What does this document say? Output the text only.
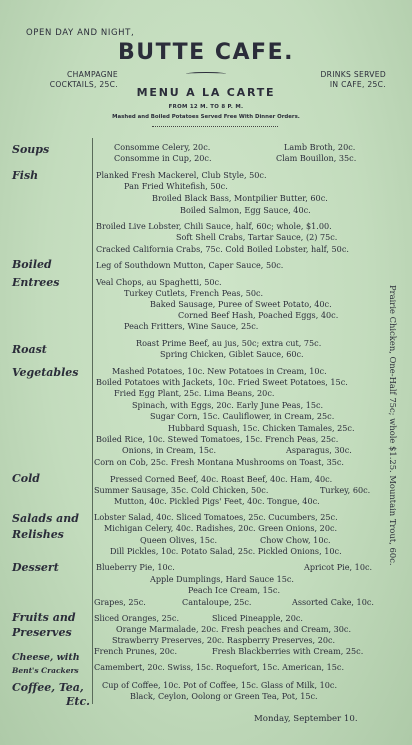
OPEN DAY AND NIGHT,
BUTTE CAFE.
CHAMPAGNE
COCKTAILS, 25C.
DRINKS SERVED
IN CAFE, 25C.
MENU A LA CARTE
FROM 12 M. TO 8 P. M.
Mashed and Boiled Potatoes Served Free With Dinner Orders.
Soups
Fish
Boiled
Entrees
Roast
Vegetables
Cold
Salads and
Relishes
Dessert
Fruits and
Preserves
Cheese, with
Bent's Crackers
Coffee, Tea,
Etc.
Consomme Celery, 20c.	Lamb Broth, 20c.
Consomme in Cup, 20c.	Clam Bouillon, 35c.
Planked Fresh Mackerel, Club Style, 50c.
Pan Fried Whitefish, 50c.
Broiled Black Bass, Montpilier Butter, 60c.
Boiled Salmon, Egg Sauce, 40c.
Broiled Live Lobster, Chili Sauce, half, 60c; whole, $1.00.
Soft Shell Crabs, Tartar Sauce, (2) 75c.
Cracked California Crabs, 75c. Cold Boiled Lobster, half, 50c.
Leg of Southdown Mutton, Caper Sauce, 50c.
Veal Chops, au Spaghetti, 50c.
Turkey Cutlets, French Peas, 50c.
Baked Sausage, Puree of Sweet Potato, 40c.
Corned Beef Hash, Poached Eggs, 40c.
Peach Fritters, Wine Sauce, 25c.
Roast Prime Beef, au jus, 50c; extra cut, 75c.
Spring Chicken, Giblet Sauce, 60c.
Mashed Potatoes, 10c. New Potatoes in Cream, 10c.
Boiled Potatoes with Jackets, 10c. Fried Sweet Potatoes, 15c.
Fried Egg Plant, 25c. Lima Beans, 20c.
Spinach, with Eggs, 20c. Early June Peas, 15c.
Sugar Corn, 15c. Cauliflower, in Cream, 25c.
Hubbard Squash, 15c. Chicken Tamales, 25c.
Boiled Rice, 10c. Stewed Tomatoes, 15c. French Peas, 25c.
Onions, in Cream, 15c.	Asparagus, 30c.
Corn on Cob, 25c. Fresh Montana Mushrooms on Toast, 35c.
Pressed Corned Beef, 40c. Roast Beef, 40c. Ham, 40c.
Summer Sausage, 35c. Cold Chicken, 50c.	Turkey, 60c.
Mutton, 40c. Pickled Pigs' Feet, 40c. Tongue, 40c.
Lobster Salad, 40c. Sliced Tomatoes, 25c. Cucumbers, 25c.
Michigan Celery, 40c. Radishes, 20c. Green Onions, 20c.
Queen Olives, 15c.	Chow Chow, 10c.
Dill Pickles, 10c. Potato Salad, 25c. Pickled Onions, 10c.
Blueberry Pie, 10c.	Apricot Pie, 10c.
Apple Dumplings, Hard Sauce 15c.
Peach Ice Cream, 15c.
Grapes, 25c.	Cantaloupe, 25c.	Assorted Cake, 10c.
Sliced Oranges, 25c.	Sliced Pineapple, 20c.
Orange Marmalade, 20c. Fresh peaches and Cream, 30c.
Strawberry Preserves, 20c. Raspberry Preserves, 20c.
French Prunes, 20c.	Fresh Blackberries with Cream, 25c.
Camembert, 20c. Swiss, 15c. Roquefort, 15c. American, 15c.
Cup of Coffee, 10c. Pot of Coffee, 15c. Glass of Milk, 10c.
Black, Ceylon, Oolong or Green Tea, Pot, 15c.
Prairie Chicken, One-Half 75c; whole $1.25. Mountain Trout, 60c.
Monday, September 10.
